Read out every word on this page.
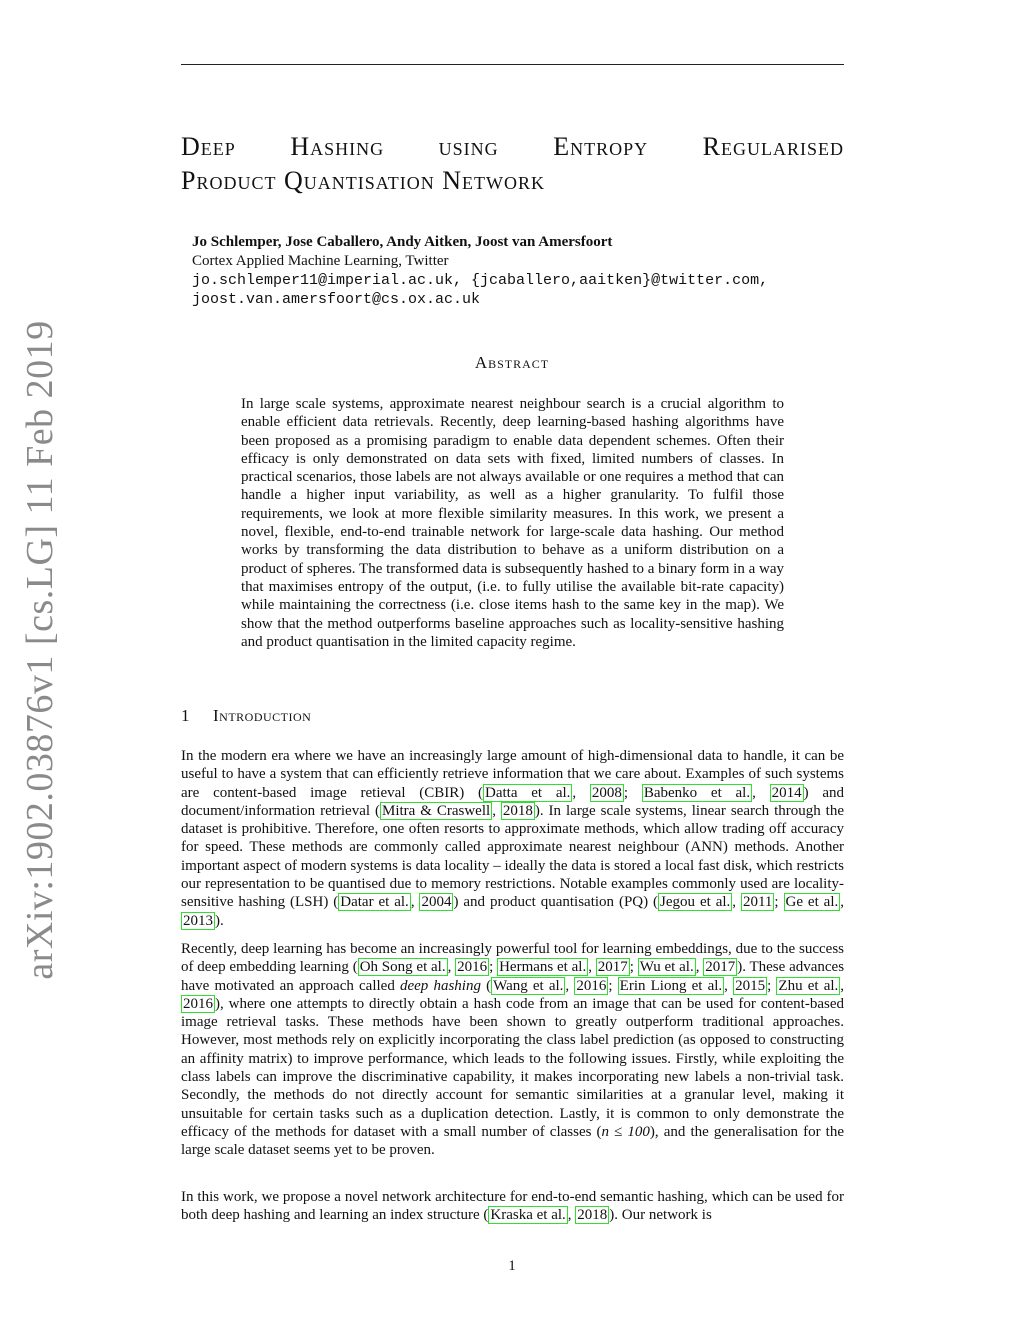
arXiv:1902.03876v1 [cs.LG] 11 Feb 2019
Deep Hashing using Entropy Regularised
Product Quantisation Network
Jo Schlemper, Jose Caballero, Andy Aitken, Joost van Amersfoort
Cortex Applied Machine Learning, Twitter
jo.schlemper11@imperial.ac.uk, {jcaballero,aaitken}@twitter.com,
joost.van.amersfoort@cs.ox.ac.uk
Abstract
In large scale systems, approximate nearest neighbour search is a crucial algorithm to enable efficient data retrievals. Recently, deep learning-based hashing algorithms have been proposed as a promising paradigm to enable data dependent schemes. Often their efficacy is only demonstrated on data sets with fixed, limited numbers of classes. In practical scenarios, those labels are not always available or one requires a method that can handle a higher input variability, as well as a higher granularity. To fulfil those requirements, we look at more flexible similarity measures. In this work, we present a novel, flexible, end-to-end trainable network for large-scale data hashing. Our method works by transforming the data distribution to behave as a uniform distribution on a product of spheres. The transformed data is subsequently hashed to a binary form in a way that maximises entropy of the output, (i.e. to fully utilise the available bit-rate capacity) while maintaining the correctness (i.e. close items hash to the same key in the map). We show that the method outperforms baseline approaches such as locality-sensitive hashing and product quantisation in the limited capacity regime.
1 Introduction

In the modern era where we have an increasingly large amount of high-dimensional data to handle, it can be useful to have a system that can efficiently retrieve information that we care about. Examples of such systems are content-based image retieval (CBIR) ( Datta et al. , 2008 ; Babenko et al. , 2014 ) and document/information retrieval ( Mitra & Craswell , 2018 ). In large scale systems, linear search through the dataset is prohibitive. Therefore, one often resorts to approximate methods, which allow trading off accuracy for speed. These methods are commonly called approximate nearest neighbour (ANN) methods. Another important aspect of modern systems is data locality – ideally the data is stored a local fast disk, which restricts our representation to be quantised due to memory restrictions. Notable examples commonly used are locality-sensitive hashing (LSH) ( Datar et al. , 2004 ) and product quantisation (PQ) ( Jegou et al. , 2011 ; Ge et al. , 2013 ).

Recently, deep learning has become an increasingly powerful tool for learning embeddings, due to the success of deep embedding learning ( Oh Song et al. , 2016 ; Hermans et al. , 2017 ; Wu et al. , 2017 ). These advances have motivated an approach called deep hashing ( Wang et al. , 2016 ; Erin Liong et al. , 2015 ; Zhu et al. , 2016 ), where one attempts to directly obtain a hash code from an image that can be used for content-based image retrieval tasks. These methods have been shown to greatly outperform traditional approaches. However, most methods rely on explicitly incorporating the class label prediction (as opposed to constructing an affinity matrix) to improve performance, which leads to the following issues. Firstly, while exploiting the class labels can improve the discriminative capability, it makes incorporating new labels a non-trivial task. Secondly, the methods do not directly account for semantic similarities at a granular level, making it unsuitable for certain tasks such as a duplication detection. Lastly, it is common to only demonstrate the efficacy of the methods for dataset with a small number of classes (n ≤ 100), and the generalisation for the large scale dataset seems yet to be proven.

In this work, we propose a novel network architecture for end-to-end semantic hashing, which can be used for both deep hashing and learning an index structure ( Kraska et al. , 2018 ). Our network is

1
